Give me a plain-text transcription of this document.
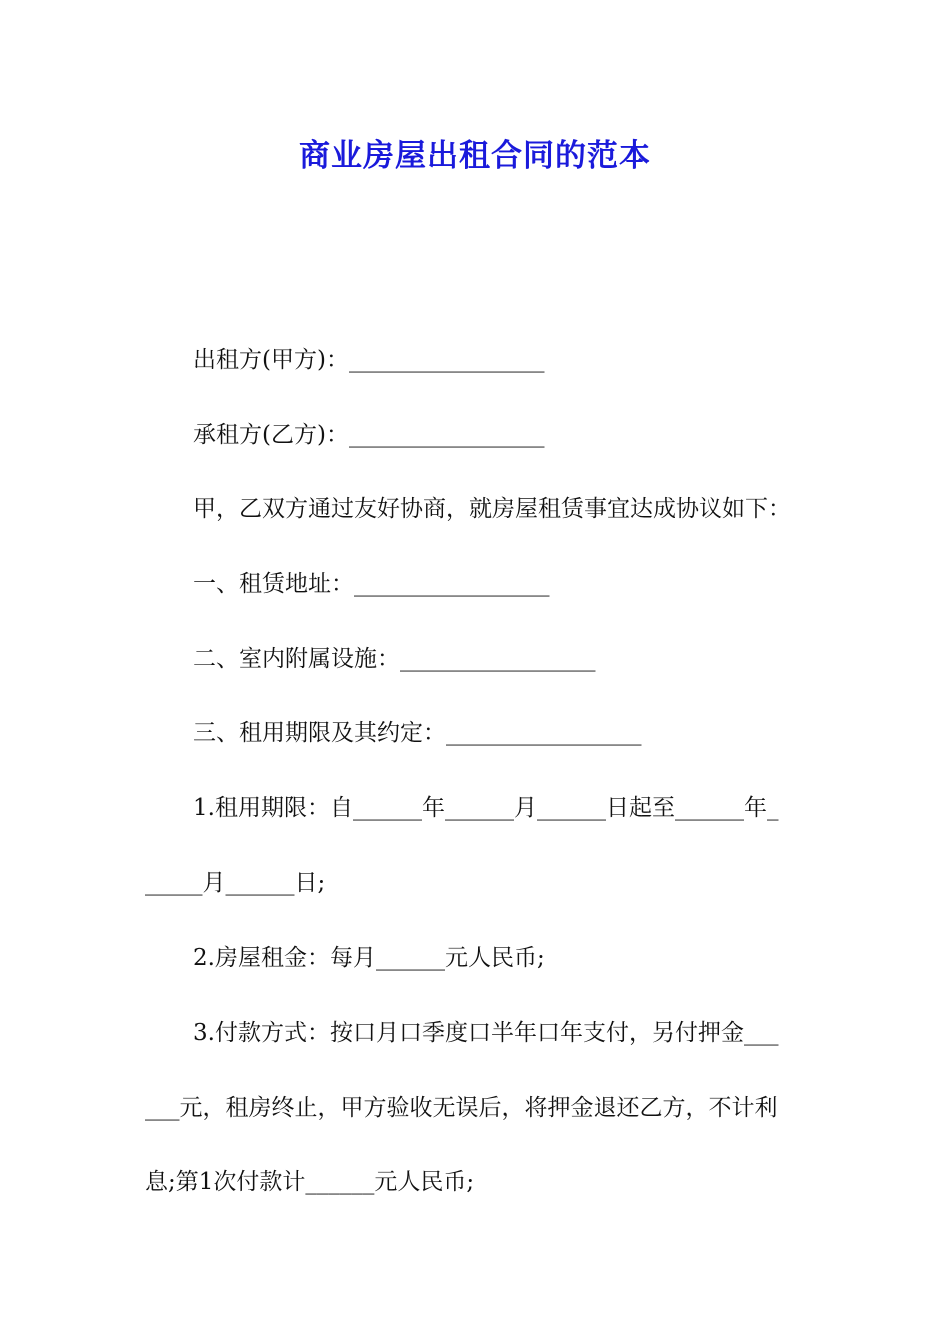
商业房屋出租合同的范本
出租方(甲方)：_________________
承租方(乙方)：_________________
甲，乙双方通过友好协商，就房屋租赁事宜达成协议如下：
一、租赁地址：_________________
二、室内附属设施：_________________
三、租用期限及其约定：_________________
1.租用期限：自______年______月______日起至______年_
_____月______日;
2.房屋租金：每月______元人民币;
3.付款方式：按口月口季度口半年口年支付，另付押金___
___元，租房终止，甲方验收无误后，将押金退还乙方，不计利
息;第1次付款计______元人民币;
